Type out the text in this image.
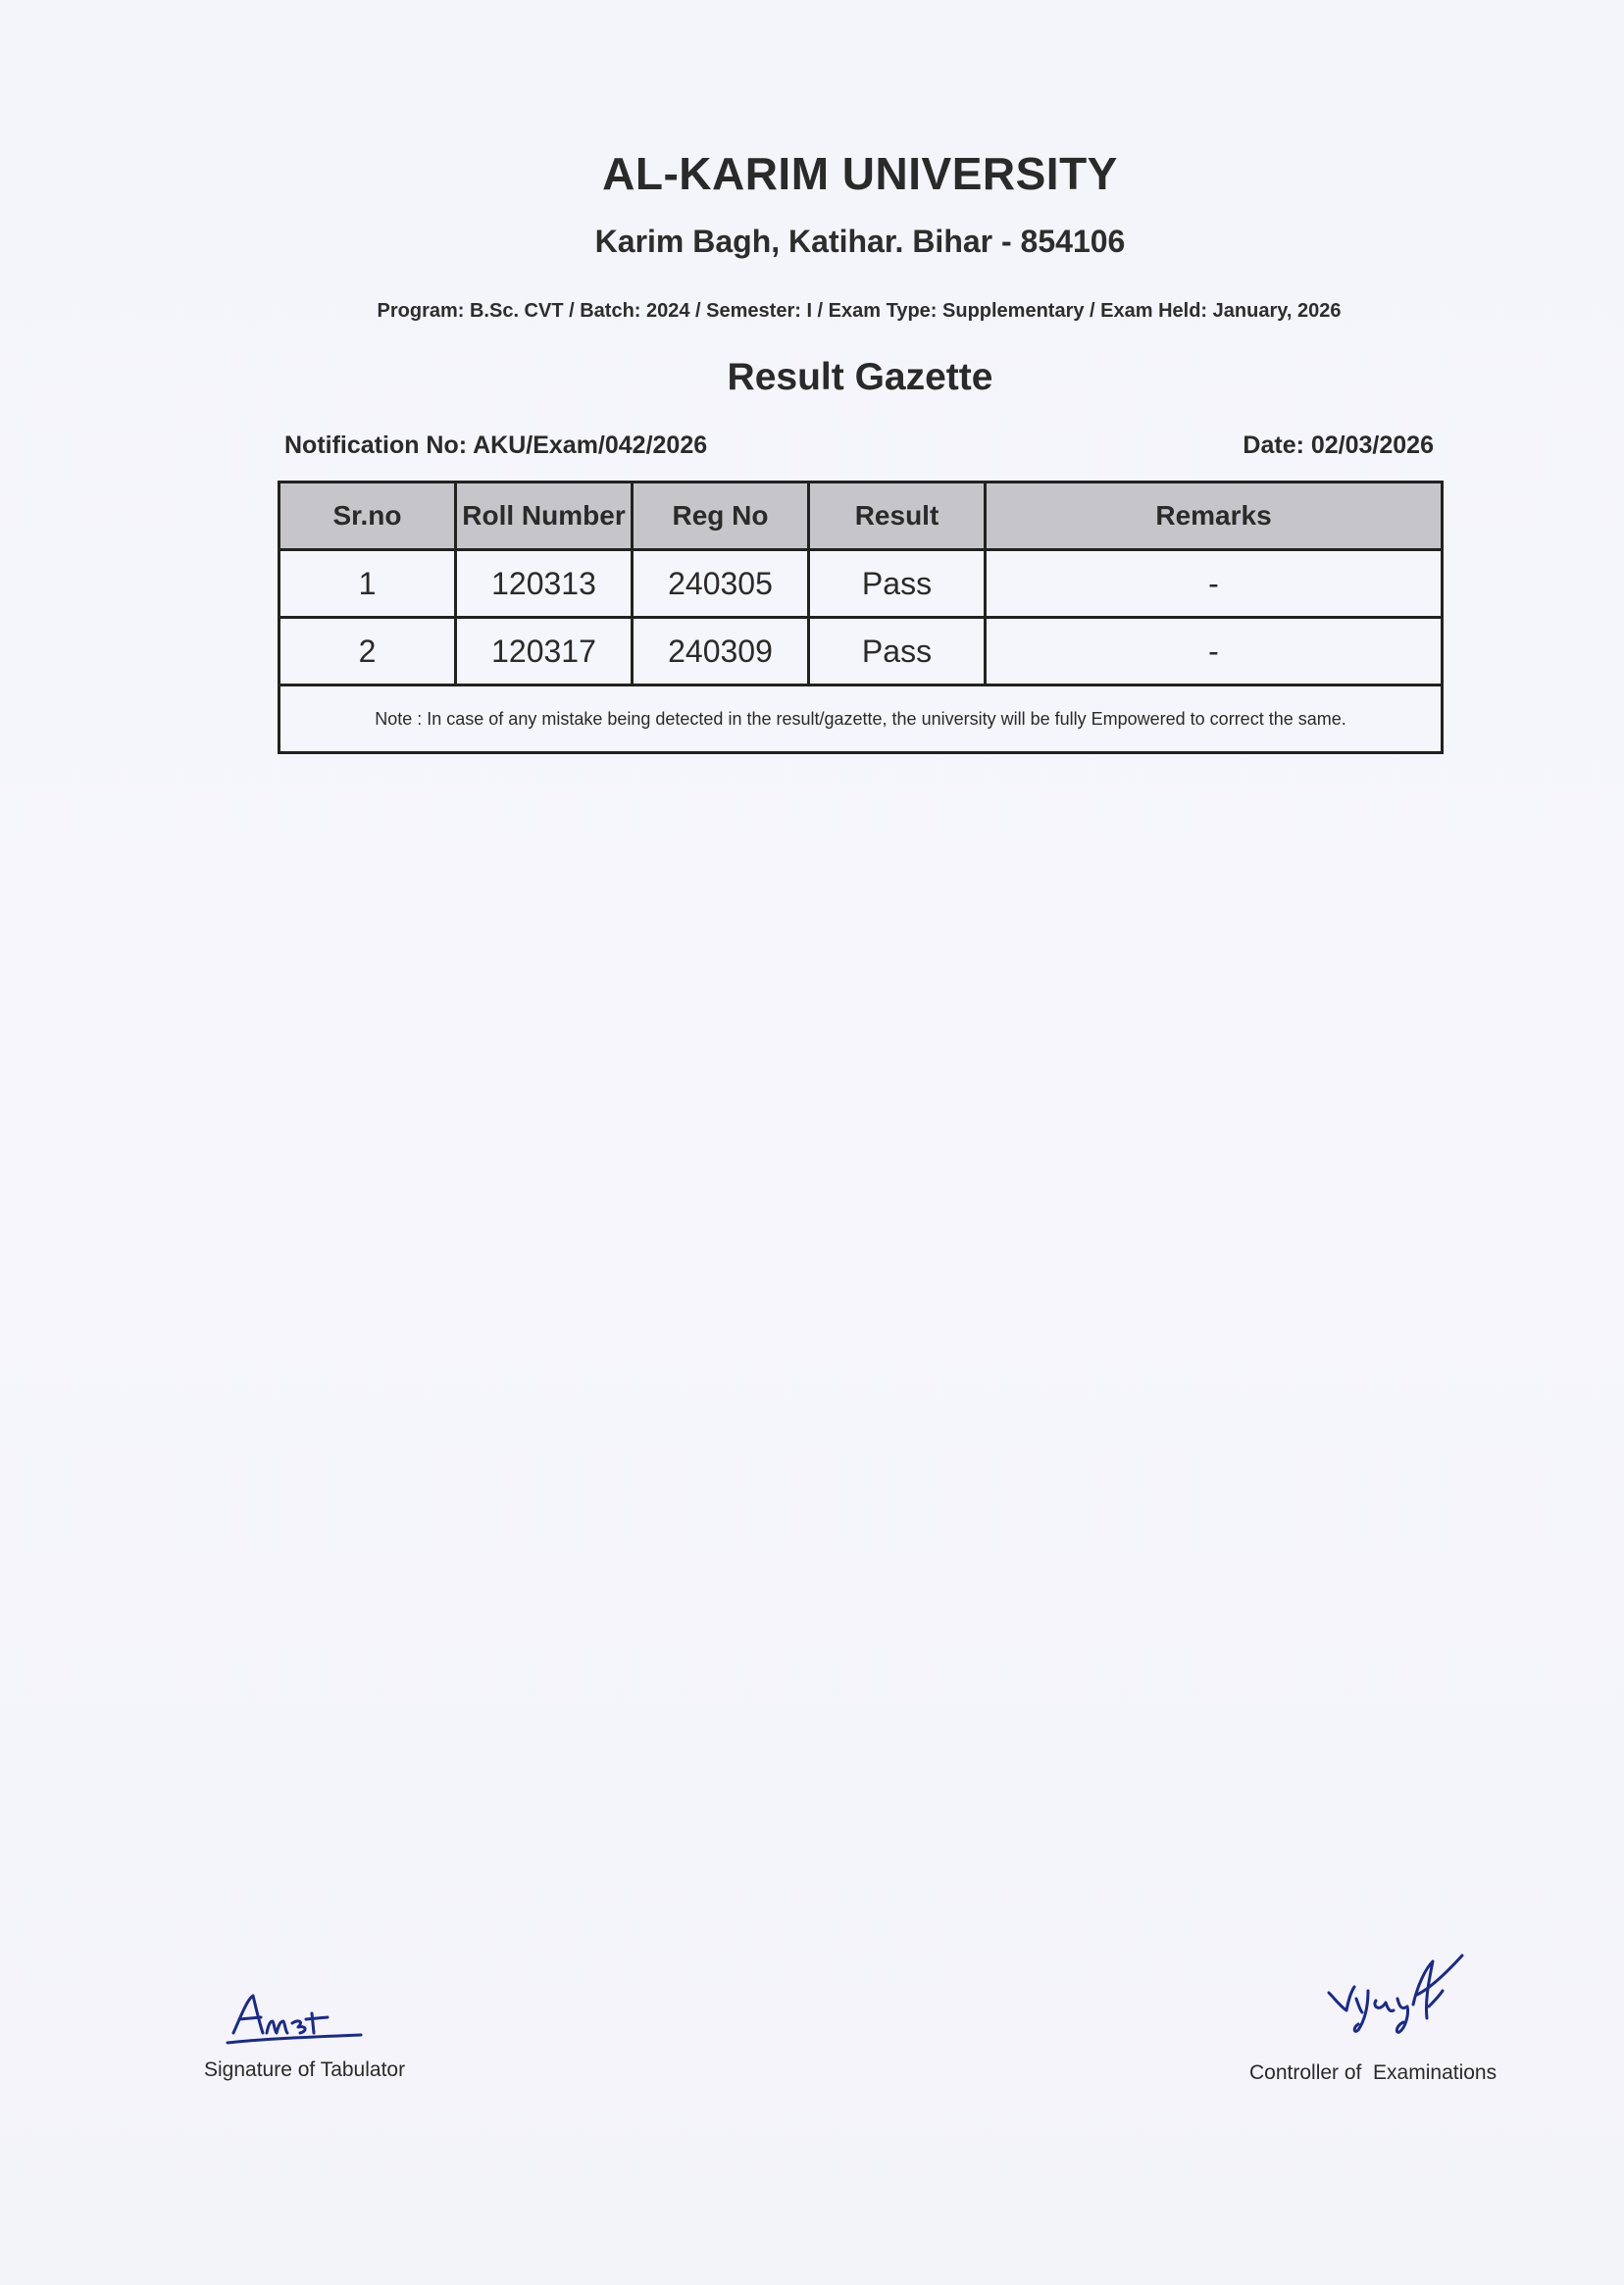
AL-KARIM UNIVERSITY
Karim Bagh, Katihar. Bihar - 854106
Program: B.Sc. CVT / Batch: 2024 / Semester: I / Exam Type: Supplementary / Exam Held: January, 2026
Result Gazette
Notification No: AKU/Exam/042/2026	Date: 02/03/2026
Sr.no	Roll Number	Reg No	Result	Remarks
1	120313	240305	Pass	-
2	120317	240309	Pass	-
Note : In case of any mistake being detected in the result/gazette, the university will be fully Empowered to correct the same.				
Signature of Tabulator	Controller of  Examinations
